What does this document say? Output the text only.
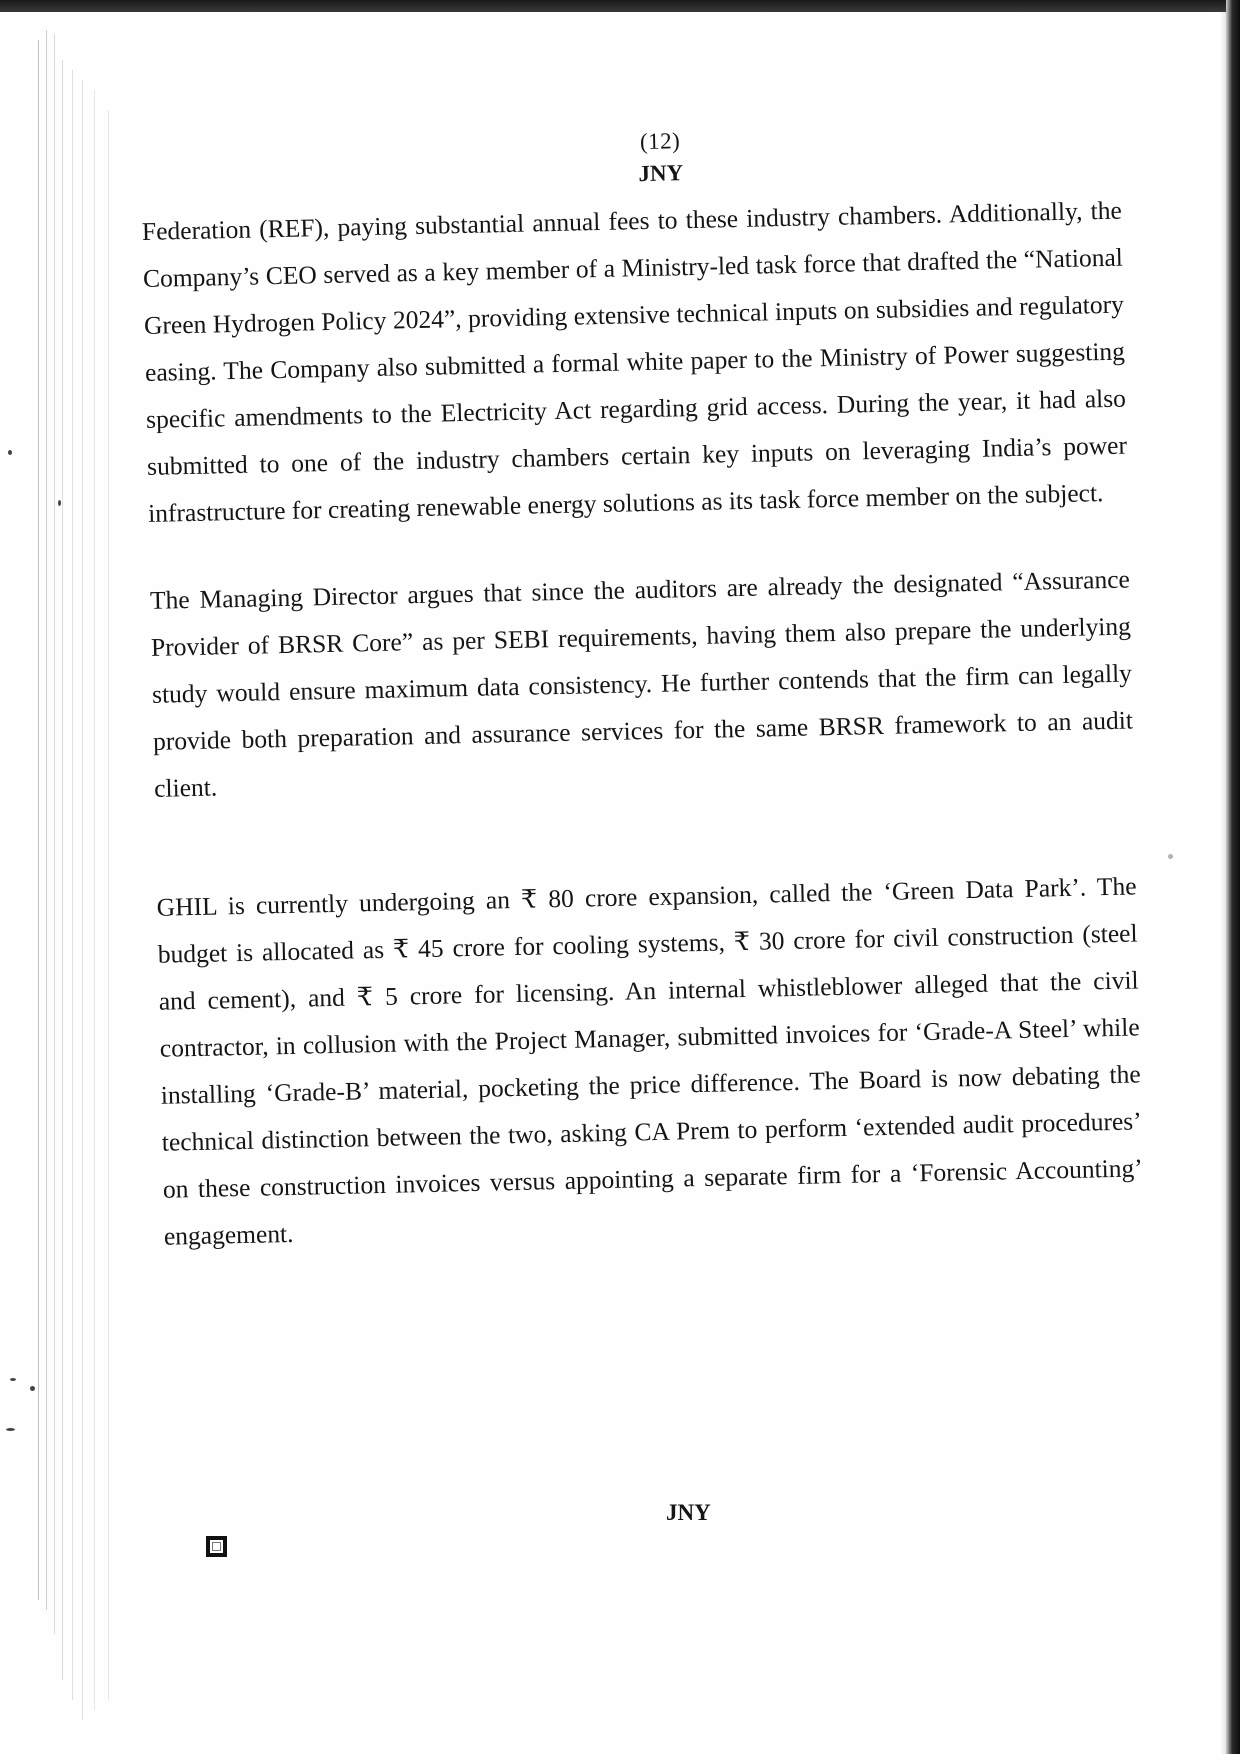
(12)
JNY

Federation (REF), paying substantial annual fees to these industry chambers. Additionally, the Company’s CEO served as a key member of a Ministry-led task force that drafted the “National Green Hydrogen Policy 2024”, providing extensive technical inputs on subsidies and regulatory easing. The Company also submitted a formal white paper to the Ministry of Power suggesting specific amendments to the Electricity Act regarding grid access. During the year, it had also submitted to one of the industry chambers certain key inputs on leveraging India’s power infrastructure for creating renewable energy solutions as its task force member on the subject.

The Managing Director argues that since the auditors are already the designated “Assurance Provider of BRSR Core” as per SEBI requirements, having them also prepare the underlying study would ensure maximum data consistency. He further contends that the firm can legally provide both preparation and assurance services for the same BRSR framework to an audit client.

GHIL is currently undergoing an ₹ 80 crore expansion, called the ‘Green Data Park’. The budget is allocated as ₹ 45 crore for cooling systems, ₹ 30 crore for civil construction (steel and cement), and ₹ 5 crore for licensing. An internal whistleblower alleged that the civil contractor, in collusion with the Project Manager, submitted invoices for ‘Grade-A Steel’ while installing ‘Grade-B’ material, pocketing the price difference. The Board is now debating the technical distinction between the two, asking CA Prem to perform ‘extended audit procedures’ on these construction invoices versus appointing a separate firm for a ‘Forensic Accounting’ engagement.

JNY
